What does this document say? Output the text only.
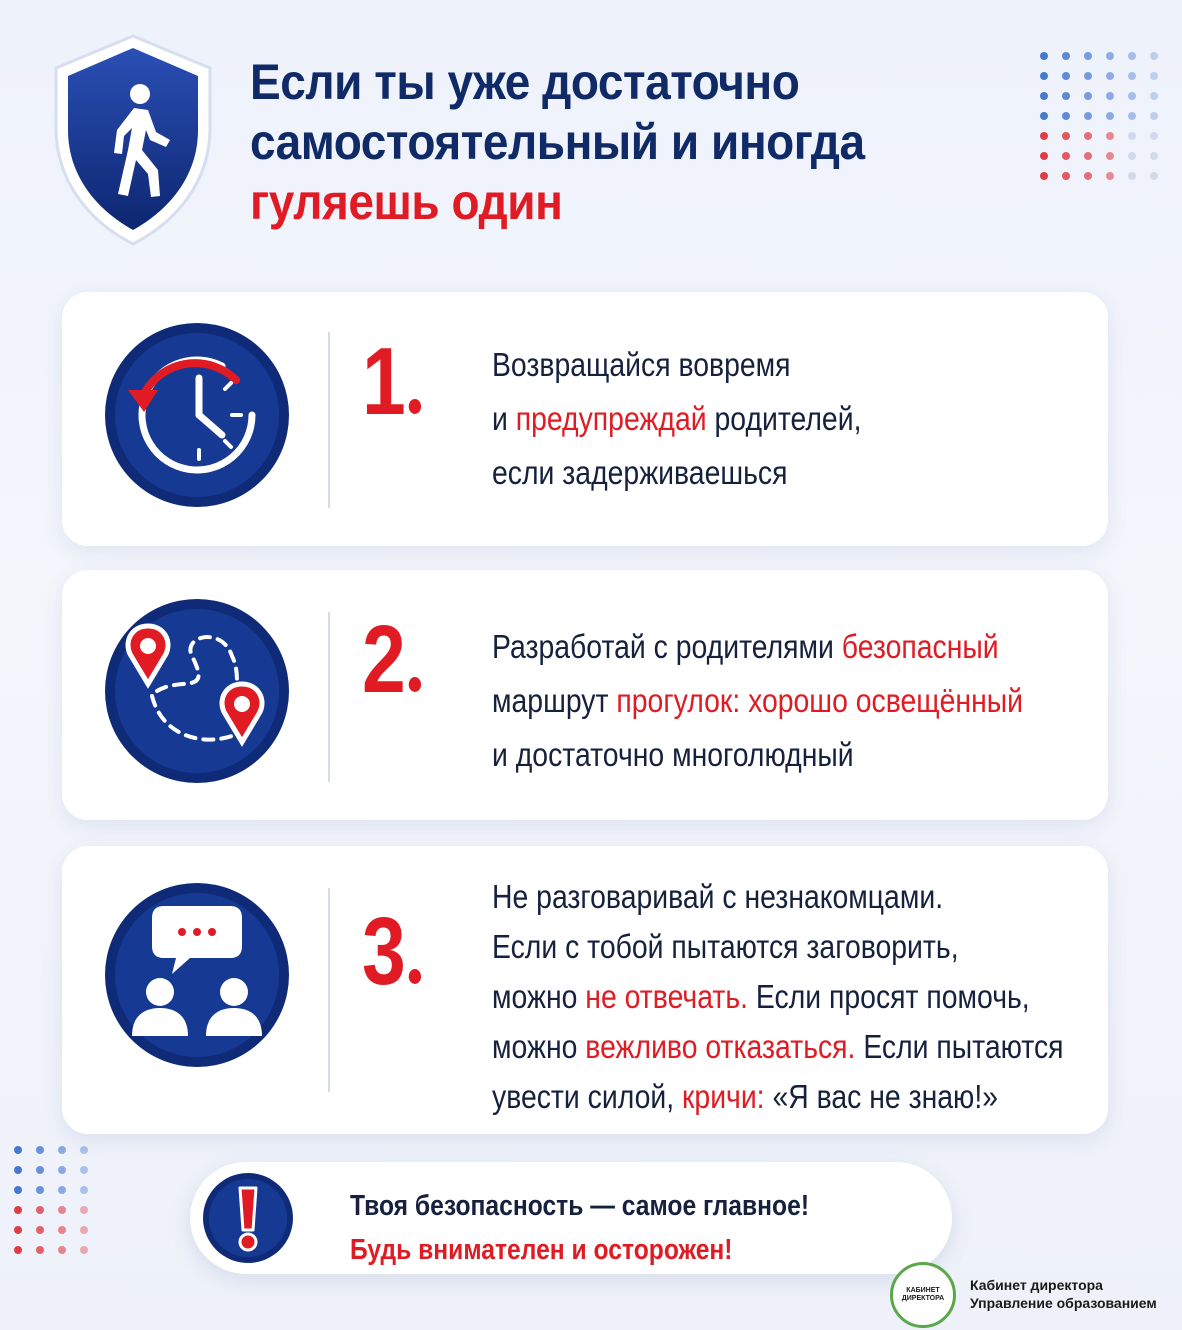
Если ты уже достаточно
самостоятельный и иногда
гуляешь один
1	Возвращайся вовремя
и предупреждай родителей,
если задерживаешься
2	Разработай с родителями безопасный
маршрут прогулок: хорошо освещённый
и достаточно многолюдный
3
Не разговаривай с незнакомцами.
Если с тобой пытаются заговорить,
можно не отвечать. Если просят помочь,
можно вежливо отказаться. Если пытаются
увести силой, кричи: «Я вас не знаю!»
Твоя безопасность — самое главное!
Будь внимателен и осторожен!
КАБИНЕТ ДИРЕКТОРА
Кабинет директора
Управление образованием
